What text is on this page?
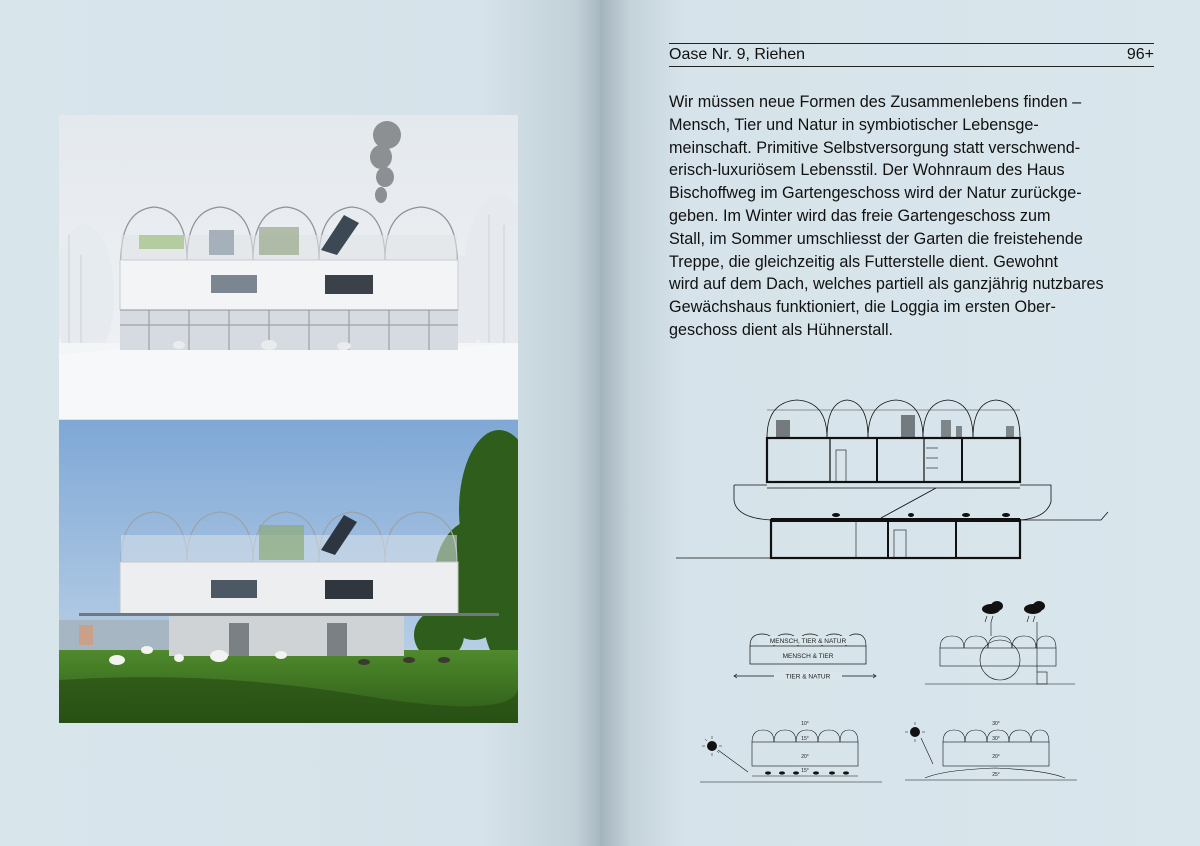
Oase Nr. 9, Riehen	96+

Wir müssen neue Formen des Zusammenlebens finden –
Mensch, Tier und Natur in symbiotischer Lebensge-
meinschaft. Primitive Selbstversorgung statt verschwend-
erisch-luxuriösem Lebensstil. Der Wohnraum des Haus
Bischoffweg im Gartengeschoss wird der Natur zurückge-
geben. Im Winter wird das freie Gartengeschoss zum
Stall, im Sommer umschliesst der Garten die freistehende
Treppe, die gleichzeitig als Futterstelle dient. Gewohnt
wird auf dem Dach, welches partiell als ganzjährig nutzbares
Gewächshaus funktioniert, die Loggia im ersten Ober-
geschoss dient als Hühnerstall.

MENSCH, TIER & NATUR
MENSCH & TIER
TIER & NATUR
10°
15°
20°
15°
30°
30°
20°
25°
